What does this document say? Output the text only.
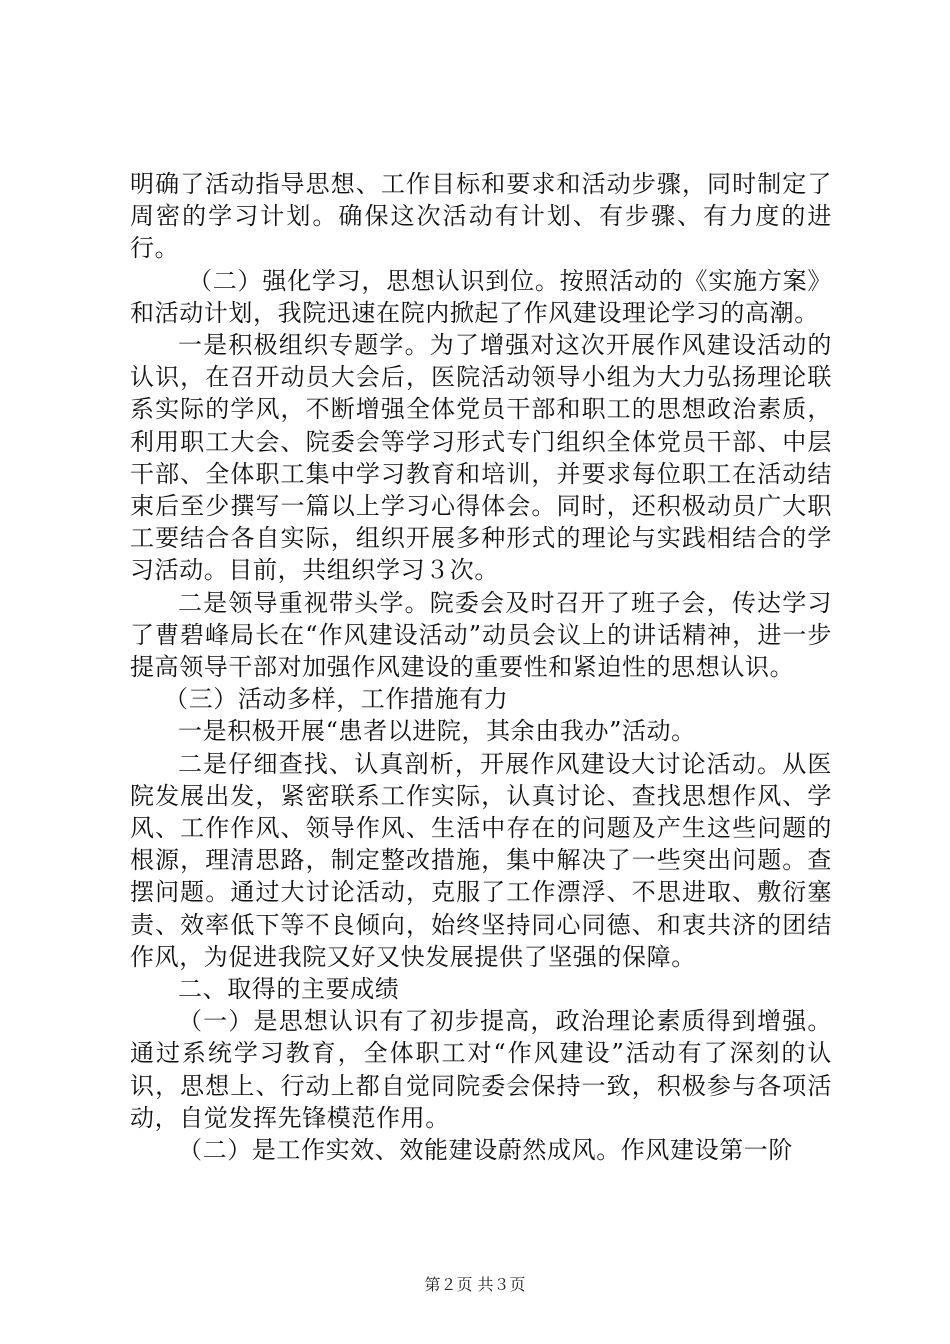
明确了活动指导思想、工作目标和要求和活动步骤，同时制定了周密的学习计划。确保这次活动有计划、有步骤、有力度的进行。

（二）强化学习，思想认识到位。按照活动的《实施方案》和活动计划，我院迅速在院内掀起了作风建设理论学习的高潮。

一是积极组织专题学。为了增强对这次开展作风建设活动的认识，在召开动员大会后，医院活动领导小组为大力弘扬理论联系实际的学风，不断增强全体党员干部和职工的思想政治素质，利用职工大会、院委会等学习形式专门组织全体党员干部、中层干部、全体职工集中学习教育和培训，并要求每位职工在活动结束后至少撰写一篇以上学习心得体会。同时，还积极动员广大职工要结合各自实际，组织开展多种形式的理论与实践相结合的学习活动。目前，共组织学习３次。

二是领导重视带头学。院委会及时召开了班子会，传达学习了曹碧峰局长在“作风建设活动”动员会议上的讲话精神，进一步提高领导干部对加强作风建设的重要性和紧迫性的思想认识。

（三）活动多样，工作措施有力

一是积极开展“患者以进院，其余由我办”活动。

二是仔细查找、认真剖析，开展作风建设大讨论活动。从医院发展出发，紧密联系工作实际，认真讨论、查找思想作风、学风、工作作风、领导作风、生活中存在的问题及产生这些问题的根源，理清思路，制定整改措施，集中解决了一些突出问题。查摆问题。通过大讨论活动，克服了工作漂浮、不思进取、敷衍塞责、效率低下等不良倾向，始终坚持同心同德、和衷共济的团结作风，为促进我院又好又快发展提供了坚强的保障。

二、取得的主要成绩

（一）是思想认识有了初步提高，政治理论素质得到增强。通过系统学习教育，全体职工对“作风建设”活动有了深刻的认识，思想上、行动上都自觉同院委会保持一致，积极参与各项活动，自觉发挥先锋模范作用。

（二）是工作实效、效能建设蔚然成风。作风建设第一阶

第２页 共３页
